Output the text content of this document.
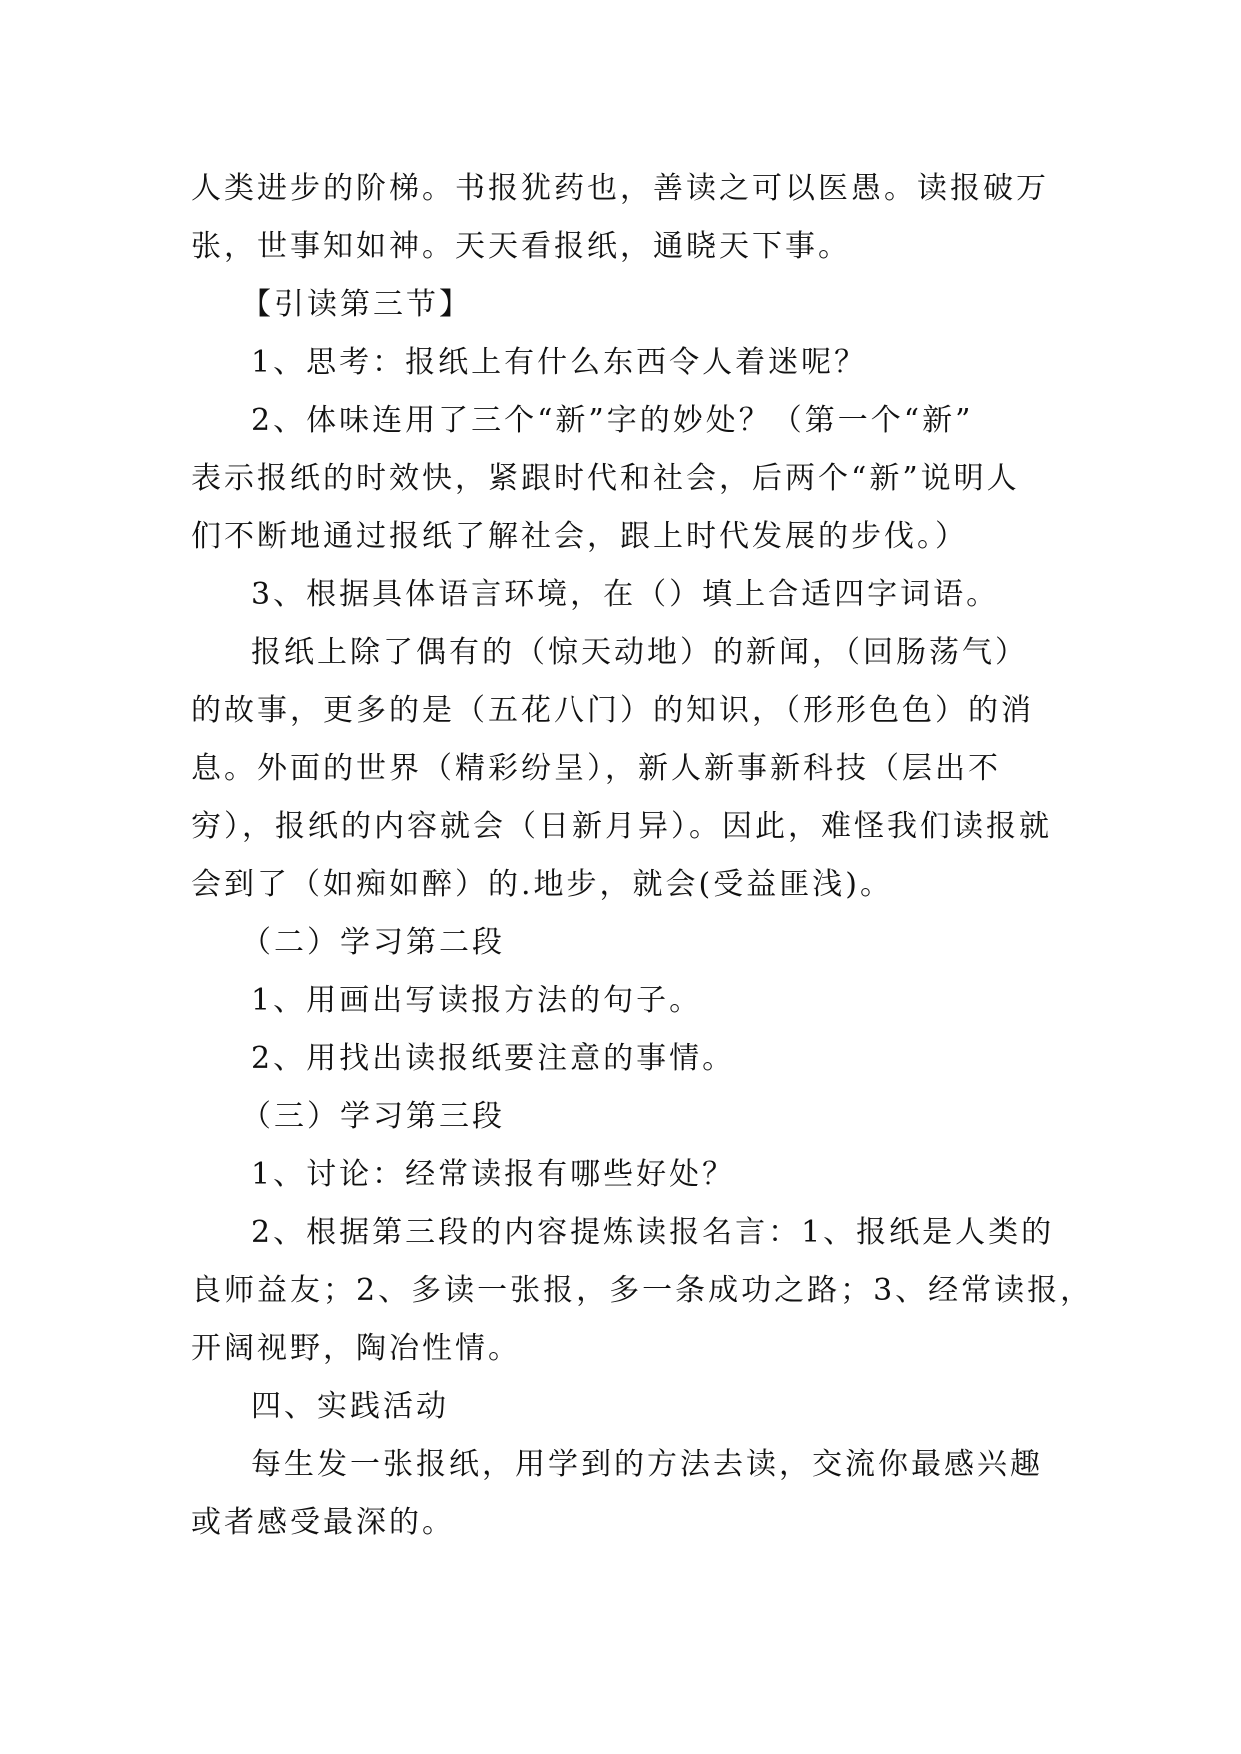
人类进步的阶梯。书报犹药也，善读之可以医愚。读报破万
张，世事知如神。天天看报纸，通晓天下事。
【引读第三节】
1、思考：报纸上有什么东西令人着迷呢？
2、体味连用了三个“新”字的妙处？（第一个“新”
表示报纸的时效快，紧跟时代和社会，后两个“新”说明人
们不断地通过报纸了解社会，跟上时代发展的步伐。）
3、根据具体语言环境，在（）填上合适四字词语。
报纸上除了偶有的（惊天动地）的新闻，（回肠荡气）
的故事，更多的是（五花八门）的知识，（形形色色）的消
息。外面的世界（精彩纷呈），新人新事新科技（层出不
穷），报纸的内容就会（日新月异）。因此，难怪我们读报就
会到了（如痴如醉）的.地步，就会(受益匪浅)。
（二）学习第二段
1、用画出写读报方法的句子。
2、用找出读报纸要注意的事情。
（三）学习第三段
1、讨论：经常读报有哪些好处？
2、根据第三段的内容提炼读报名言：1、报纸是人类的
良师益友；2、多读一张报，多一条成功之路；3、经常读报，
开阔视野，陶冶性情。
四、实践活动
每生发一张报纸，用学到的方法去读，交流你最感兴趣
或者感受最深的。
